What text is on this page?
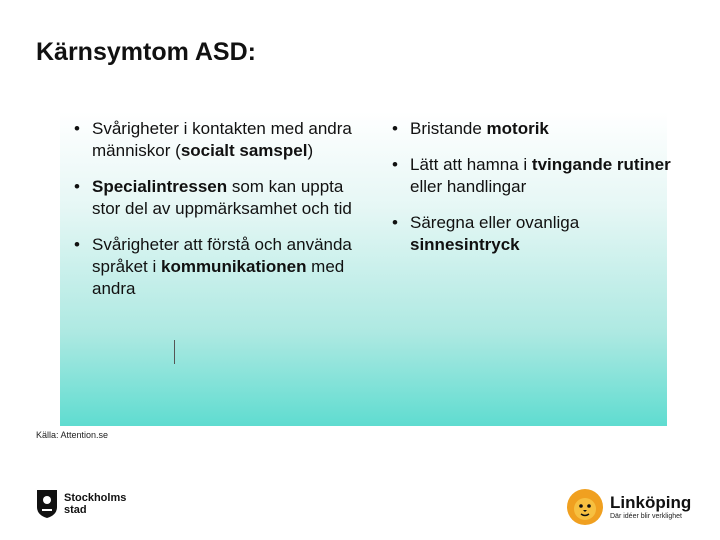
Kärnsymtom ASD:
• Svårigheter i kontakten med andra människor (socialt samspel)
• Specialintressen som kan uppta stor del av uppmärksamhet och tid
• Svårigheter att förstå och använda språket i kommunikationen med andra
• Bristande motorik
• Lätt att hamna i tvingande rutiner eller handlingar
• Säregna eller ovanliga sinnesintryck
Källa: Attention.se
Stockholms
stad	Linköping
Där idéer blir verklighet
